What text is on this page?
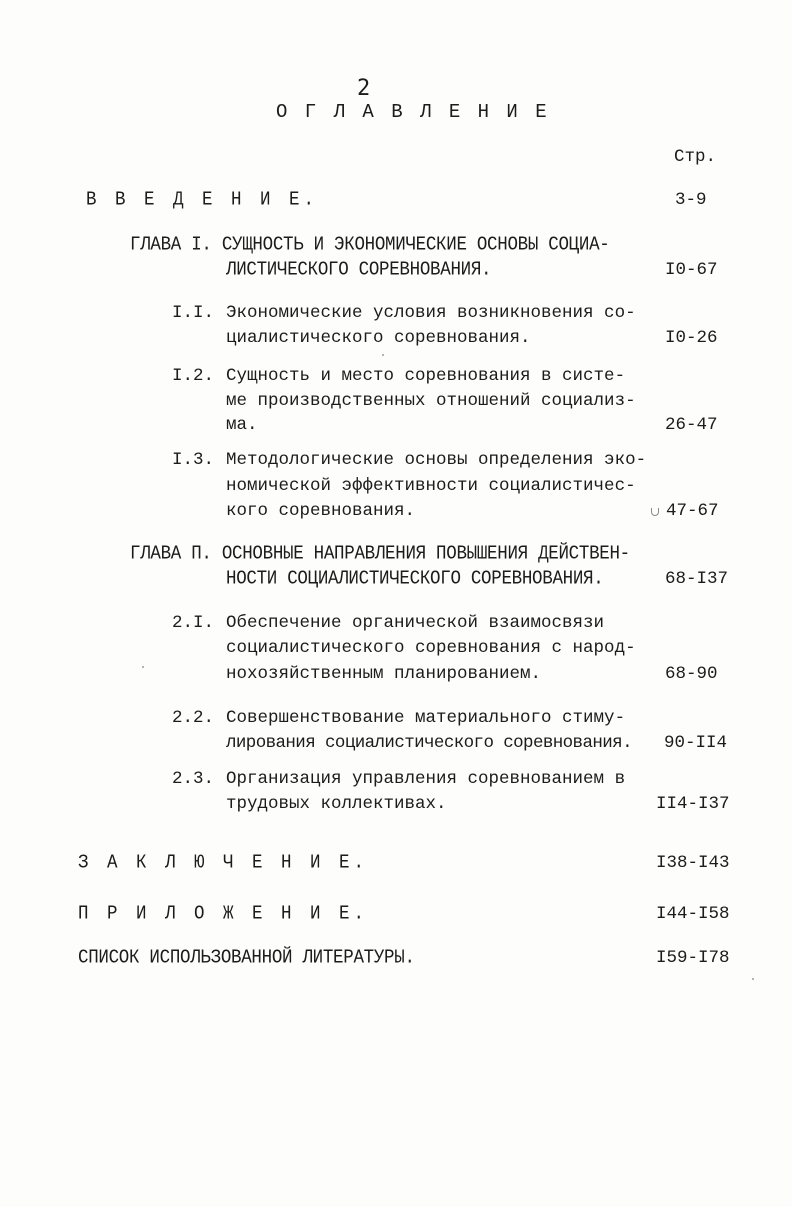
2
О Г Л А В Л Е Н И Е
Стр.
В В Е Д Е Н И Е.	3-9
ГЛАВА I. СУЩНОСТЬ И ЭКОНОМИЧЕСКИЕ ОСНОВЫ СОЦИА-
ЛИСТИЧЕСКОГО СОРЕВНОВАНИЯ.	I0-67
I.I. Экономические условия возникновения со-
циалистического соревнования.	I0-26
I.2. Сущность и место соревнования в систе-
ме производственных отношений социализ-
ма.	26-47
I.3. Методологические основы определения эко-
номической эффективности социалистичес-
кого соревнования.	47-67
ГЛАВА П. ОСНОВНЫЕ НАПРАВЛЕНИЯ ПОВЫШЕНИЯ ДЕЙСТВЕН-
НОСТИ СОЦИАЛИСТИЧЕСКОГО СОРЕВНОВАНИЯ.	68-I37
2.I. Обеспечение органической взаимосвязи
социалистического соревнования с народ-
нохозяйственным планированием.	68-90
2.2. Совершенствование материального стиму-
лирования социалистического соревнования. 90-II4
2.3. Организация управления соревнованием в
трудовых коллективах.	II4-I37
З А К Л Ю Ч Е Н И Е.	I38-I43
П Р И Л О Ж Е Н И Е.	I44-I58
СПИСОК ИСПОЛЬЗОВАННОЙ ЛИТЕРАТУРЫ.	I59-I78
